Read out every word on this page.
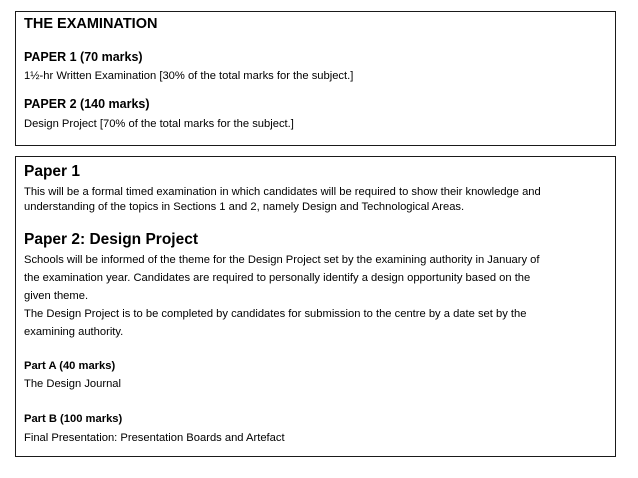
THE EXAMINATION
PAPER 1 (70 marks)
1½-hr Written Examination [30% of the total marks for the subject.]
PAPER 2 (140 marks)
Design Project [70% of the total marks for the subject.]
Paper 1
This will be a formal timed examination in which candidates will be required to show their knowledge and
understanding of the topics in Sections 1 and 2, namely Design and Technological Areas.
Paper 2: Design Project
Schools will be informed of the theme for the Design Project set by the examining authority in January of
the examination year. Candidates are required to personally identify a design opportunity based on the
given theme.
The Design Project is to be completed by candidates for submission to the centre by a date set by the
examining authority.
Part A (40 marks)
The Design Journal
Part B (100 marks)
Final Presentation: Presentation Boards and Artefact
